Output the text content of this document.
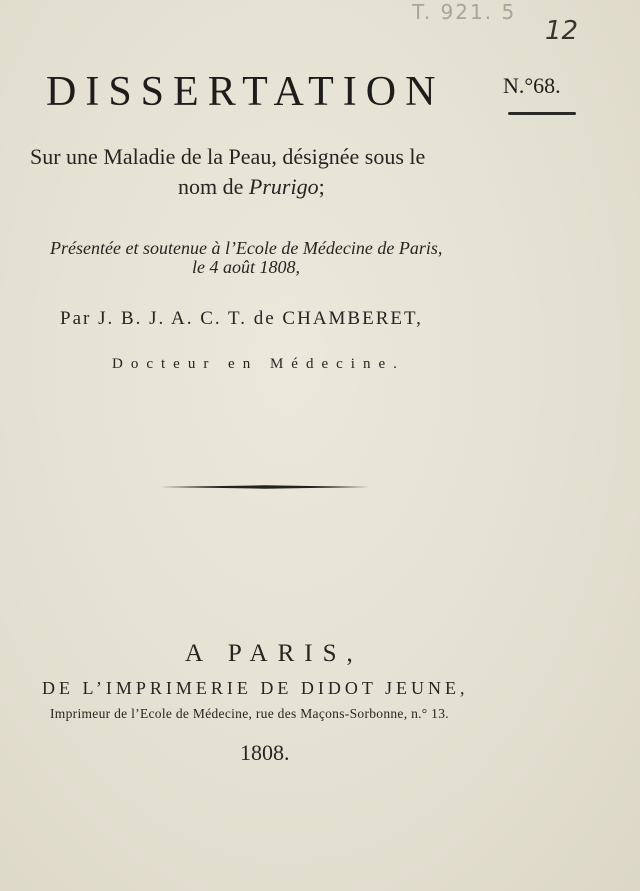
T. 921. 5
12
DISSERTATION	N.°68.
Sur une Maladie de la Peau, désignée sous le
nom de Prurigo;
Présentée et soutenue à l’Ecole de Médecine de Paris,
le 4 août 1808,
Par J. B. J. A. C. T. de CHAMBERET,
Docteur en Médecine.
A PARIS,
DE L’IMPRIMERIE DE DIDOT JEUNE,
Imprimeur de l’Ecole de Médecine, rue des Maçons-Sorbonne, n.° 13.
1808.
